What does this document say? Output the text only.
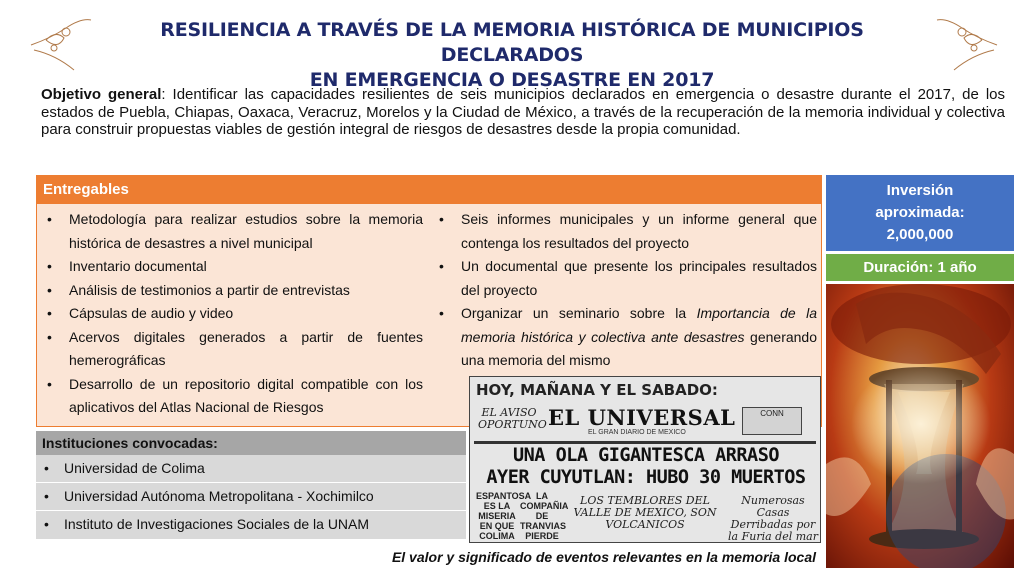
RESILIENCIA A TRAVÉS DE LA MEMORIA HISTÓRICA DE MUNICIPIOS DECLARADOS
EN EMERGENCIA O DESASTRE EN 2017
Objetivo general: Identificar las capacidades resilientes de seis municipios declarados en emergencia o desastre durante el 2017, de los estados de Puebla, Chiapas, Oaxaca, Veracruz, Morelos y la Ciudad de México, a través de la recuperación de la memoria individual y colectiva para construir propuestas viables de gestión integral de riesgos de desastres desde la propia comunidad.
Entregables
• Metodología para realizar estudios sobre la memoria histórica de desastres a nivel municipal
• Inventario documental
• Análisis de testimonios a partir de entrevistas
• Cápsulas de audio y video
• Acervos digitales generados a partir de fuentes hemerográficas
• Desarrollo de un repositorio digital compatible con los aplicativos del Atlas Nacional de Riesgos
• Seis informes municipales y un informe general que contenga los resultados del proyecto
• Un documental que presente los principales resultados del proyecto
• Organizar un seminario sobre la Importancia de la memoria histórica y colectiva ante desastres generando una memoria del mismo
Instituciones convocadas:
• Universidad de Colima
• Universidad Autónoma Metropolitana - Xochimilco
• Instituto de Investigaciones Sociales de la UNAM
Inversión
aproximada:
2,000,000
Duración: 1 año
HOY, MAÑANA Y EL SABADO:
EL AVISO OPORTUNO EL UNIVERSAL
EL GRAN DIARIO DE MEXICO
CONN
UNA OLA GIGANTESCA ARRASO
AYER CUYUTLAN: HUBO 30 MUERTOS
ESPANTOSA ES LA MISERIA EN QUE COLIMA
LA COMPAÑIA DE TRANVIAS PIERDE
LOS TEMBLORES DEL VALLE DE MEXICO, SON VOLCANICOS
Numerosas Casas Derribadas por la Furia del mar
El valor y significado de eventos relevantes en la memoria local
